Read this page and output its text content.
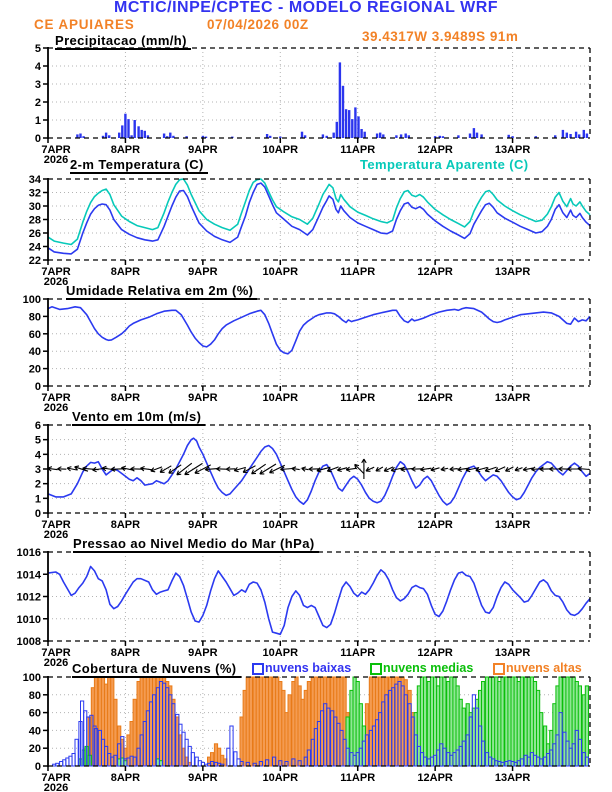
0
1
2
3
4
5
7APR
2026
8APR	9APR	10APR	11APR	12APR	13APR
22
24
26
28
30
32
34
7APR
2026
8APR	9APR	10APR	11APR	12APR	13APR
0
20
40
60
80
100
7APR
2026
8APR	9APR	10APR	11APR	12APR	13APR
0
1
2
3
4
5
6
7APR
2026
8APR	9APR	10APR	11APR	12APR	13APR
1008
1010
1012
1014
1016
7APR
2026
8APR	9APR	10APR	11APR	12APR	13APR
0
20
40
60
80
100
7APR
2026
8APR	9APR	10APR	11APR	12APR	13APR
MCTIC/INPE/CPTEC - MODELO REGIONAL WRF
CE APUIARES	07/04/2026 00Z
39.4317W 3.9489S 91m
Precipitacao (mm/h)
2-m Temperatura (C)	Temperatura Aparente (C)
Umidade Relativa em 2m (%)
Vento em 10m (m/s)
Pressao ao Nivel Medio do Mar (hPa)
Cobertura de Nuvens (%)	nuvens baixas	nuvens medias	nuvens altas
